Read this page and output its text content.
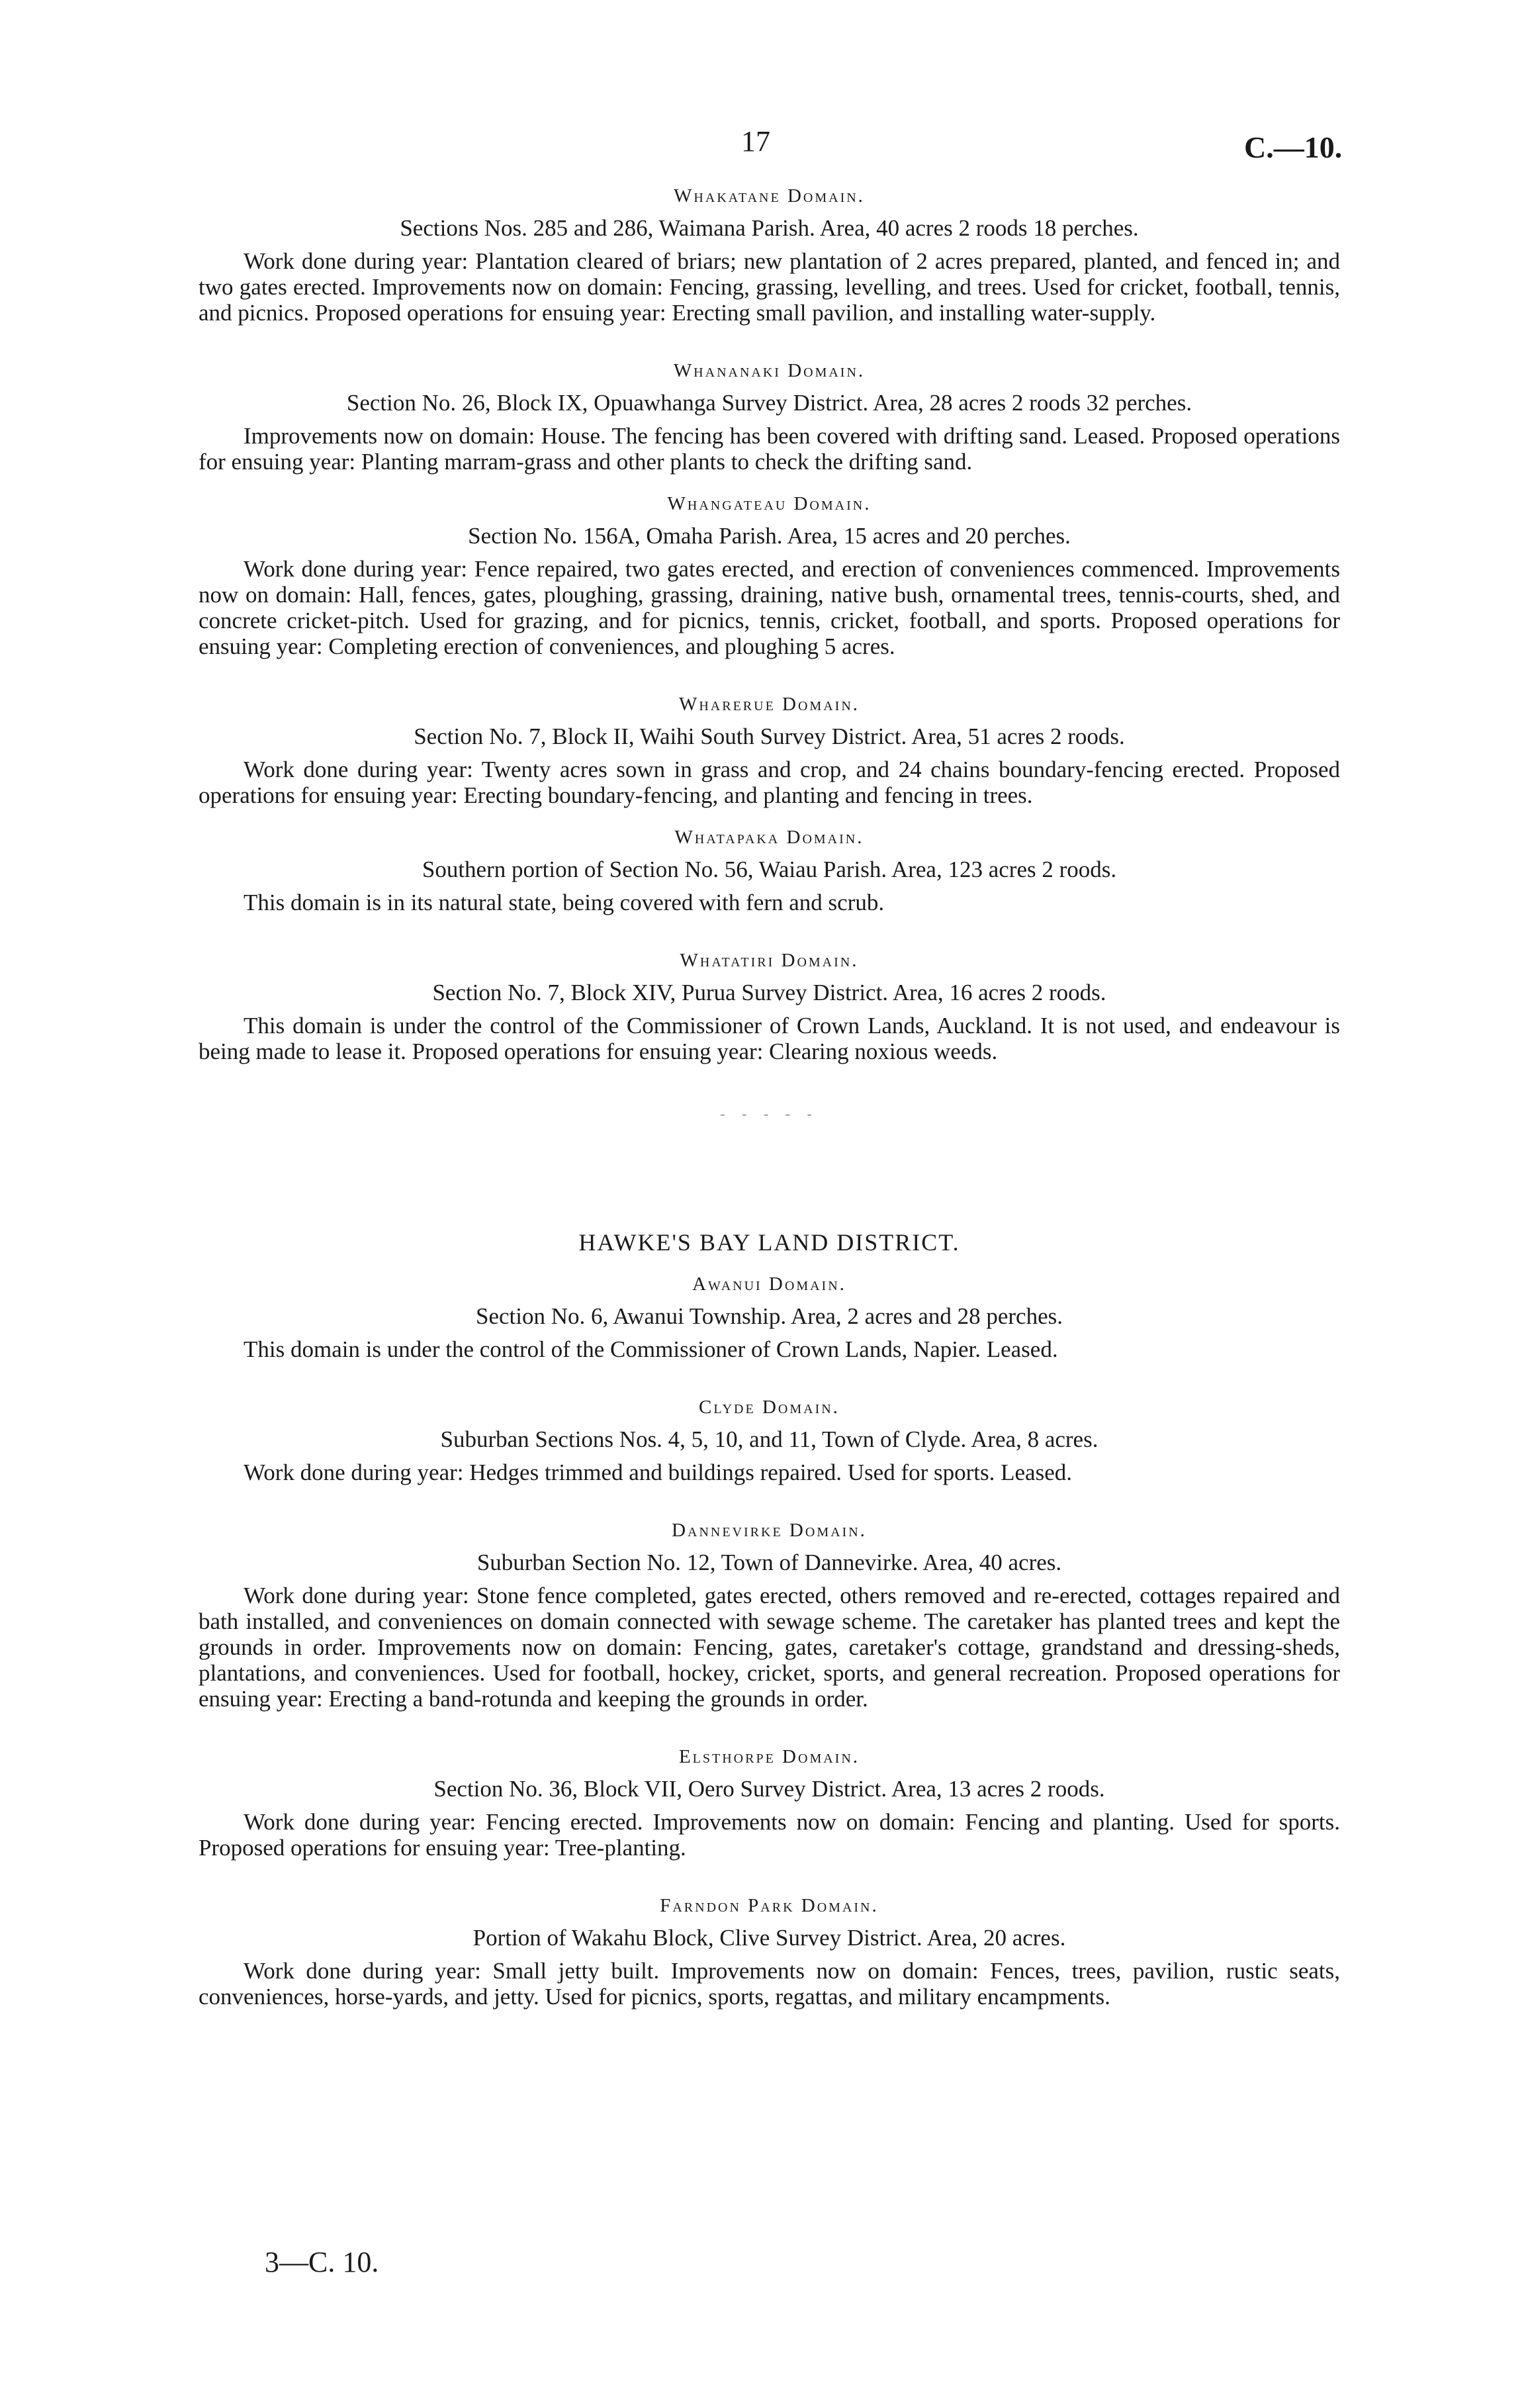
17	C.—10.
Whakatane Domain.
Sections Nos. 285 and 286, Waimana Parish. Area, 40 acres 2 roods 18 perches.

Work done during year: Plantation cleared of briars; new plantation of 2 acres prepared, planted, and fenced in; and two gates erected. Improvements now on domain: Fencing, grassing, levelling, and trees. Used for cricket, football, tennis, and picnics. Proposed operations for ensuing year: Erecting small pavilion, and installing water-supply.

Whananaki Domain.
Section No. 26, Block IX, Opuawhanga Survey District. Area, 28 acres 2 roods 32 perches.

Improvements now on domain: House. The fencing has been covered with drifting sand. Leased. Proposed operations for ensuing year: Planting marram-grass and other plants to check the drifting sand.

Whangateau Domain.
Section No. 156A, Omaha Parish. Area, 15 acres and 20 perches.

Work done during year: Fence repaired, two gates erected, and erection of conveniences commenced. Improvements now on domain: Hall, fences, gates, ploughing, grassing, draining, native bush, ornamental trees, tennis-courts, shed, and concrete cricket-pitch. Used for grazing, and for picnics, tennis, cricket, football, and sports. Proposed operations for ensuing year: Completing erection of conveniences, and ploughing 5 acres.

Wharerue Domain.
Section No. 7, Block II, Waihi South Survey District. Area, 51 acres 2 roods.

Work done during year: Twenty acres sown in grass and crop, and 24 chains boundary-fencing erected. Proposed operations for ensuing year: Erecting boundary-fencing, and planting and fencing in trees.

Whatapaka Domain.
Southern portion of Section No. 56, Waiau Parish. Area, 123 acres 2 roods.

This domain is in its natural state, being covered with fern and scrub.

Whatatiri Domain.
Section No. 7, Block XIV, Purua Survey District. Area, 16 acres 2 roods.

This domain is under the control of the Commissioner of Crown Lands, Auckland. It is not used, and endeavour is being made to lease it. Proposed operations for ensuing year: Clearing noxious weeds.

- - - - -
HAWKE'S BAY LAND DISTRICT.
Awanui Domain.
Section No. 6, Awanui Township. Area, 2 acres and 28 perches.

This domain is under the control of the Commissioner of Crown Lands, Napier. Leased.

Clyde Domain.
Suburban Sections Nos. 4, 5, 10, and 11, Town of Clyde. Area, 8 acres.

Work done during year: Hedges trimmed and buildings repaired. Used for sports. Leased.

Dannevirke Domain.
Suburban Section No. 12, Town of Dannevirke. Area, 40 acres.

Work done during year: Stone fence completed, gates erected, others removed and re-erected, cottages repaired and bath installed, and conveniences on domain connected with sewage scheme. The caretaker has planted trees and kept the grounds in order. Improvements now on domain: Fencing, gates, caretaker's cottage, grandstand and dressing-sheds, plantations, and conveniences. Used for football, hockey, cricket, sports, and general recreation. Proposed operations for ensuing year: Erecting a band-rotunda and keeping the grounds in order.

Elsthorpe Domain.
Section No. 36, Block VII, Oero Survey District. Area, 13 acres 2 roods.

Work done during year: Fencing erected. Improvements now on domain: Fencing and planting. Used for sports. Proposed operations for ensuing year: Tree-planting.

Farndon Park Domain.
Portion of Wakahu Block, Clive Survey District. Area, 20 acres.

Work done during year: Small jetty built. Improvements now on domain: Fences, trees, pavilion, rustic seats, conveniences, horse-yards, and jetty. Used for picnics, sports, regattas, and military encampments.

3—C. 10.
